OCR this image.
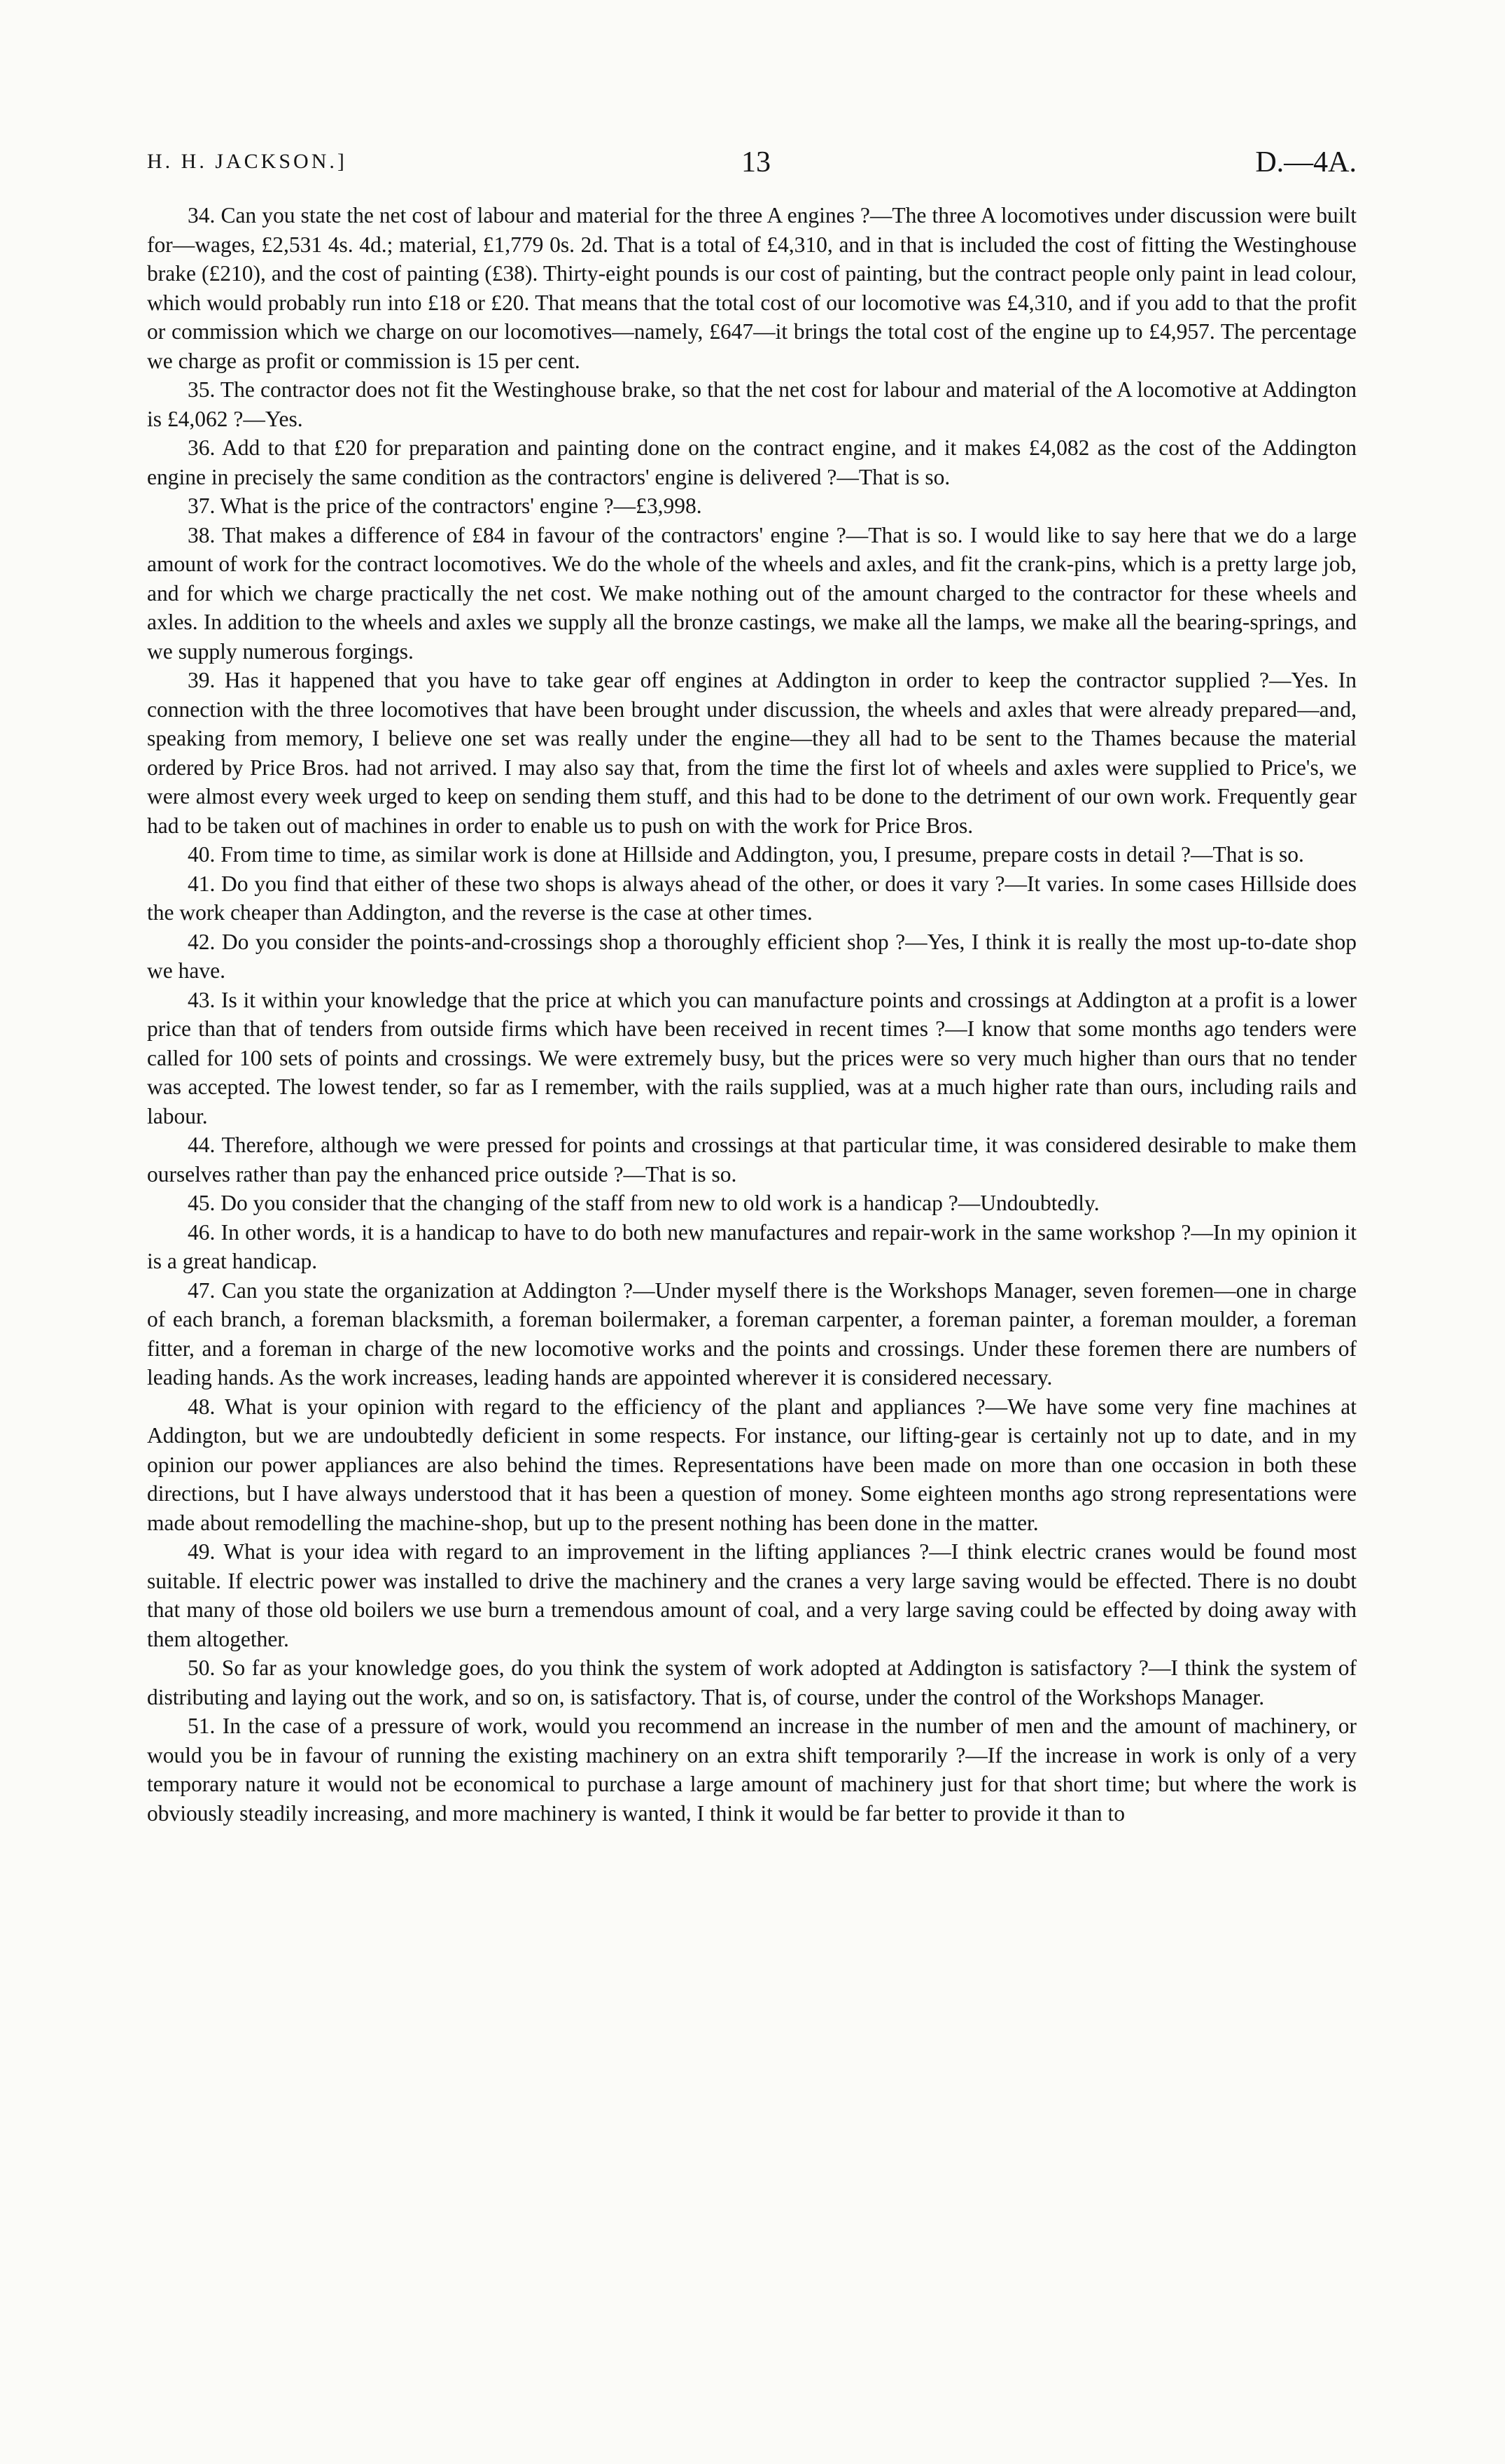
H. H. JACKSON.]	13	D.—4A.

34. Can you state the net cost of labour and material for the three A engines ?—The three A locomotives under discussion were built for—wages, £2,531 4s. 4d.; material, £1,779 0s. 2d. That is a total of £4,310, and in that is included the cost of fitting the Westinghouse brake (£210), and the cost of painting (£38). Thirty-eight pounds is our cost of painting, but the contract people only paint in lead colour, which would probably run into £18 or £20. That means that the total cost of our locomotive was £4,310, and if you add to that the profit or commission which we charge on our locomotives—namely, £647—it brings the total cost of the engine up to £4,957. The percentage we charge as profit or commission is 15 per cent.

35. The contractor does not fit the Westinghouse brake, so that the net cost for labour and material of the A locomotive at Addington is £4,062 ?—Yes.

36. Add to that £20 for preparation and painting done on the contract engine, and it makes £4,082 as the cost of the Addington engine in precisely the same condition as the contractors' engine is delivered ?—That is so.

37. What is the price of the contractors' engine ?—£3,998.

38. That makes a difference of £84 in favour of the contractors' engine ?—That is so. I would like to say here that we do a large amount of work for the contract locomotives. We do the whole of the wheels and axles, and fit the crank-pins, which is a pretty large job, and for which we charge practically the net cost. We make nothing out of the amount charged to the contractor for these wheels and axles. In addition to the wheels and axles we supply all the bronze castings, we make all the lamps, we make all the bearing-springs, and we supply numerous forgings.

39. Has it happened that you have to take gear off engines at Addington in order to keep the contractor supplied ?—Yes. In connection with the three locomotives that have been brought under discussion, the wheels and axles that were already prepared—and, speaking from memory, I believe one set was really under the engine—they all had to be sent to the Thames because the material ordered by Price Bros. had not arrived. I may also say that, from the time the first lot of wheels and axles were supplied to Price's, we were almost every week urged to keep on sending them stuff, and this had to be done to the detriment of our own work. Frequently gear had to be taken out of machines in order to enable us to push on with the work for Price Bros.

40. From time to time, as similar work is done at Hillside and Addington, you, I presume, prepare costs in detail ?—That is so.

41. Do you find that either of these two shops is always ahead of the other, or does it vary ?—It varies. In some cases Hillside does the work cheaper than Addington, and the reverse is the case at other times.

42. Do you consider the points-and-crossings shop a thoroughly efficient shop ?—Yes, I think it is really the most up-to-date shop we have.

43. Is it within your knowledge that the price at which you can manufacture points and crossings at Addington at a profit is a lower price than that of tenders from outside firms which have been received in recent times ?—I know that some months ago tenders were called for 100 sets of points and crossings. We were extremely busy, but the prices were so very much higher than ours that no tender was accepted. The lowest tender, so far as I remember, with the rails supplied, was at a much higher rate than ours, including rails and labour.

44. Therefore, although we were pressed for points and crossings at that particular time, it was considered desirable to make them ourselves rather than pay the enhanced price outside ?—That is so.

45. Do you consider that the changing of the staff from new to old work is a handicap ?—Undoubtedly.

46. In other words, it is a handicap to have to do both new manufactures and repair-work in the same workshop ?—In my opinion it is a great handicap.

47. Can you state the organization at Addington ?—Under myself there is the Workshops Manager, seven foremen—one in charge of each branch, a foreman blacksmith, a foreman boilermaker, a foreman carpenter, a foreman painter, a foreman moulder, a foreman fitter, and a foreman in charge of the new locomotive works and the points and crossings. Under these foremen there are numbers of leading hands. As the work increases, leading hands are appointed wherever it is considered necessary.

48. What is your opinion with regard to the efficiency of the plant and appliances ?—We have some very fine machines at Addington, but we are undoubtedly deficient in some respects. For instance, our lifting-gear is certainly not up to date, and in my opinion our power appliances are also behind the times. Representations have been made on more than one occasion in both these directions, but I have always understood that it has been a question of money. Some eighteen months ago strong representations were made about remodelling the machine-shop, but up to the present nothing has been done in the matter.

49. What is your idea with regard to an improvement in the lifting appliances ?—I think electric cranes would be found most suitable. If electric power was installed to drive the machinery and the cranes a very large saving would be effected. There is no doubt that many of those old boilers we use burn a tremendous amount of coal, and a very large saving could be effected by doing away with them altogether.

50. So far as your knowledge goes, do you think the system of work adopted at Addington is satisfactory ?—I think the system of distributing and laying out the work, and so on, is satisfactory. That is, of course, under the control of the Workshops Manager.

51. In the case of a pressure of work, would you recommend an increase in the number of men and the amount of machinery, or would you be in favour of running the existing machinery on an extra shift temporarily ?—If the increase in work is only of a very temporary nature it would not be economical to purchase a large amount of machinery just for that short time; but where the work is obviously steadily increasing, and more machinery is wanted, I think it would be far better to provide it than to
